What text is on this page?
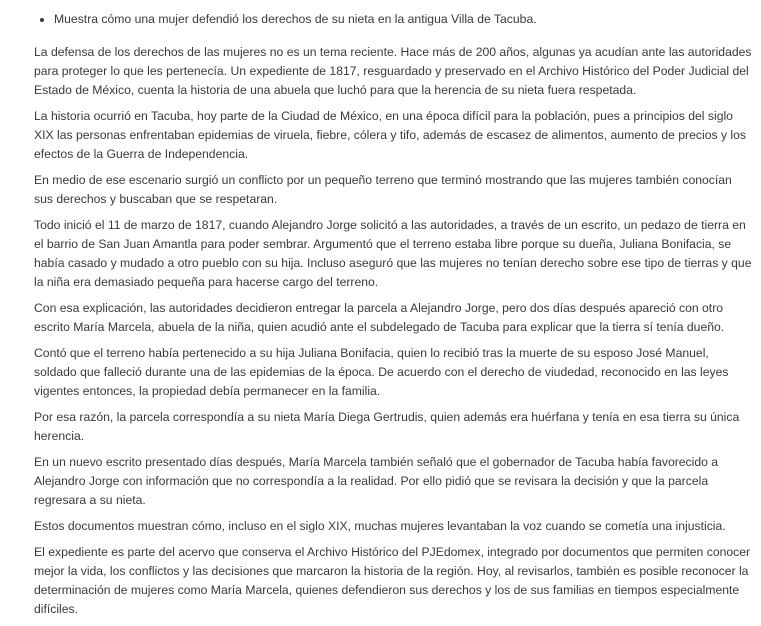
• Muestra cómo una mujer defendió los derechos de su nieta en la antigua Villa de Tacuba.

La defensa de los derechos de las mujeres no es un tema reciente. Hace más de 200 años, algunas ya acudían ante las autoridades para proteger lo que les pertenecía. Un expediente de 1817, resguardado y preservado en el Archivo Histórico del Poder Judicial del Estado de México, cuenta la historia de una abuela que luchó para que la herencia de su nieta fuera respetada.

La historia ocurrió en Tacuba, hoy parte de la Ciudad de México, en una época difícil para la población, pues a principios del siglo XIX las personas enfrentaban epidemias de viruela, fiebre, cólera y tifo, además de escasez de alimentos, aumento de precios y los efectos de la Guerra de Independencia.

En medio de ese escenario surgió un conflicto por un pequeño terreno que terminó mostrando que las mujeres también conocían sus derechos y buscaban que se respetaran.

Todo inició el 11 de marzo de 1817, cuando Alejandro Jorge solicitó a las autoridades, a través de un escrito, un pedazo de tierra en el barrio de San Juan Amantla para poder sembrar. Argumentó que el terreno estaba libre porque su dueña, Juliana Bonifacia, se había casado y mudado a otro pueblo con su hija. Incluso aseguró que las mujeres no tenían derecho sobre ese tipo de tierras y que la niña era demasiado pequeña para hacerse cargo del terreno.

Con esa explicación, las autoridades decidieron entregar la parcela a Alejandro Jorge, pero dos días después apareció con otro escrito María Marcela, abuela de la niña, quien acudió ante el subdelegado de Tacuba para explicar que la tierra sí tenía dueño.

Contó que el terreno había pertenecido a su hija Juliana Bonifacia, quien lo recibió tras la muerte de su esposo José Manuel, soldado que falleció durante una de las epidemias de la época. De acuerdo con el derecho de viudedad, reconocido en las leyes vigentes entonces, la propiedad debía permanecer en la familia.

Por esa razón, la parcela correspondía a su nieta María Diega Gertrudis, quien además era huérfana y tenía en esa tierra su única herencia.

En un nuevo escrito presentado días después, María Marcela también señaló que el gobernador de Tacuba había favorecido a Alejandro Jorge con información que no correspondía a la realidad. Por ello pidió que se revisara la decisión y que la parcela regresara a su nieta.

Estos documentos muestran cómo, incluso en el siglo XIX, muchas mujeres levantaban la voz cuando se cometía una injusticia.

El expediente es parte del acervo que conserva el Archivo Histórico del PJEdomex, integrado por documentos que permiten conocer mejor la vida, los conflictos y las decisiones que marcaron la historia de la región. Hoy, al revisarlos, también es posible reconocer la determinación de mujeres como María Marcela, quienes defendieron sus derechos y los de sus familias en tiempos especialmente difíciles.
